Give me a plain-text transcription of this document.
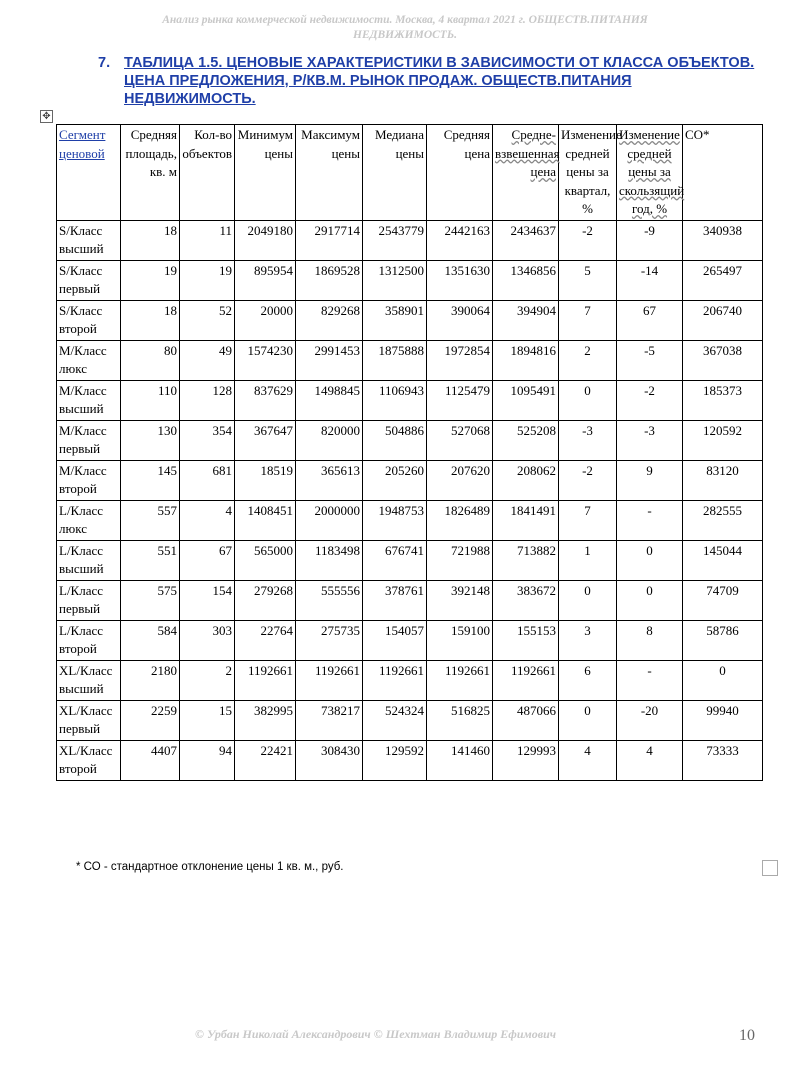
Анализ рынка коммерческой недвижимости. Москва, 4 квартал 2021 г. ОБЩЕСТВ.ПИТАНИЯ
НЕДВИЖИМОСТЬ.
7. ТАБЛИЦА 1.5. ЦЕНОВЫЕ ХАРАКТЕРИСТИКИ В ЗАВИСИМОСТИ ОТ КЛАССА ОБЪЕКТОВ. ЦЕНА ПРЕДЛОЖЕНИЯ, Р/КВ.М. РЫНОК ПРОДАЖ. ОБЩЕСТВ.ПИТАНИЯ НЕДВИЖИМОСТЬ.
✥
Сегмент ценовой	Средняя площадь, кв. м	Кол-во объектов	Минимум цены	Максимум цены	Медиана цены	Средняя цена	Средне-взвешенная цена	Изменение средней цены за квартал, %	Изменение средней цены за скользящий год, %	СО*
S/Класс высший	18	11	2049180	2917714	2543779	2442163	2434637	-2	-9	340938
S/Класс первый	19	19	895954	1869528	1312500	1351630	1346856	5	-14	265497
S/Класс второй	18	52	20000	829268	358901	390064	394904	7	67	206740
M/Класс люкс	80	49	1574230	2991453	1875888	1972854	1894816	2	-5	367038
M/Класс высший	110	128	837629	1498845	1106943	1125479	1095491	0	-2	185373
M/Класс первый	130	354	367647	820000	504886	527068	525208	-3	-3	120592
M/Класс второй	145	681	18519	365613	205260	207620	208062	-2	9	83120
L/Класс люкс	557	4	1408451	2000000	1948753	1826489	1841491	7	-	282555
L/Класс высший	551	67	565000	1183498	676741	721988	713882	1	0	145044
L/Класс первый	575	154	279268	555556	378761	392148	383672	0	0	74709
L/Класс второй	584	303	22764	275735	154057	159100	155153	3	8	58786
XL/Класс высший	2180	2	1192661	1192661	1192661	1192661	1192661	6	-	0
XL/Класс первый	2259	15	382995	738217	524324	516825	487066	0	-20	99940
XL/Класс второй	4407	94	22421	308430	129592	141460	129993	4	4	73333
* СО - стандартное отклонение цены 1 кв. м., руб.
© Урбан Николай Александрович © Шехтман Владимир Ефимович	10
